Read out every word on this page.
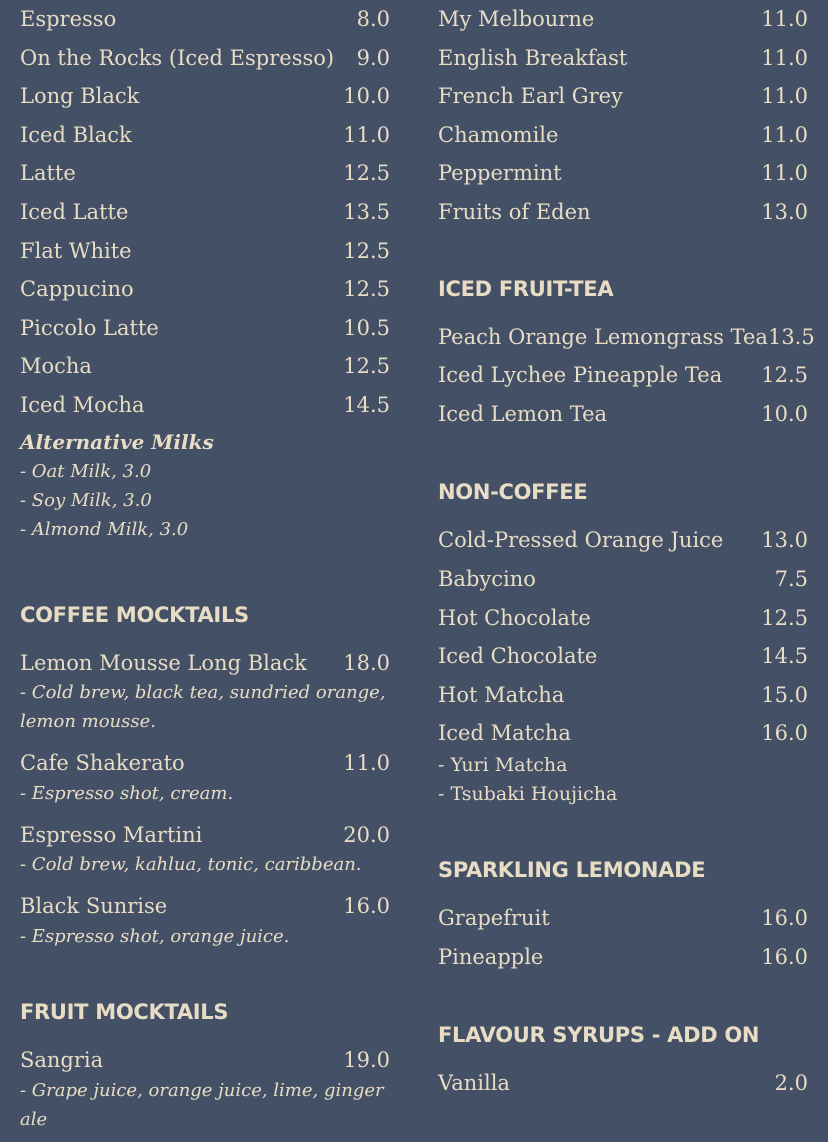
Espresso	8.0
On the Rocks (Iced Espresso) 9.0
Long Black	10.0
Iced Black	11.0
Latte	12.5
Iced Latte	13.5
Flat White	12.5
Cappucino	12.5
Piccolo Latte	10.5
Mocha	12.5
Iced Mocha	14.5
Alternative Milks
- Oat Milk, 3.0
- Soy Milk, 3.0
- Almond Milk, 3.0
COFFEE MOCKTAILS
Lemon Mousse Long Black 18.0
- Cold brew, black tea, sundried orange,
lemon mousse.
Cafe Shakerato	11.0
- Espresso shot, cream.
Espresso Martini	20.0
- Cold brew, kahlua, tonic, caribbean.
Black Sunrise	16.0
- Espresso shot, orange juice.
FRUIT MOCKTAILS
Sangria	19.0
- Grape juice, orange juice, lime, ginger ale
My Melbourne	11.0
English Breakfast	11.0
French Earl Grey	11.0
Chamomile	11.0
Peppermint	11.0
Fruits of Eden	13.0
ICED FRUIT-TEA
Peach Orange Lemongrass Tea 13.5
Iced Lychee Pineapple Tea 12.5
Iced Lemon Tea	10.0
NON-COFFEE
Cold-Pressed Orange Juice 13.0
Babycino	7.5
Hot Chocolate	12.5
Iced Chocolate	14.5
Hot Matcha	15.0
Iced Matcha	16.0
- Yuri Matcha
- Tsubaki Houjicha
SPARKLING LEMONADE
Grapefruit	16.0
Pineapple	16.0
FLAVOUR SYRUPS - ADD ON
Vanilla	2.0
